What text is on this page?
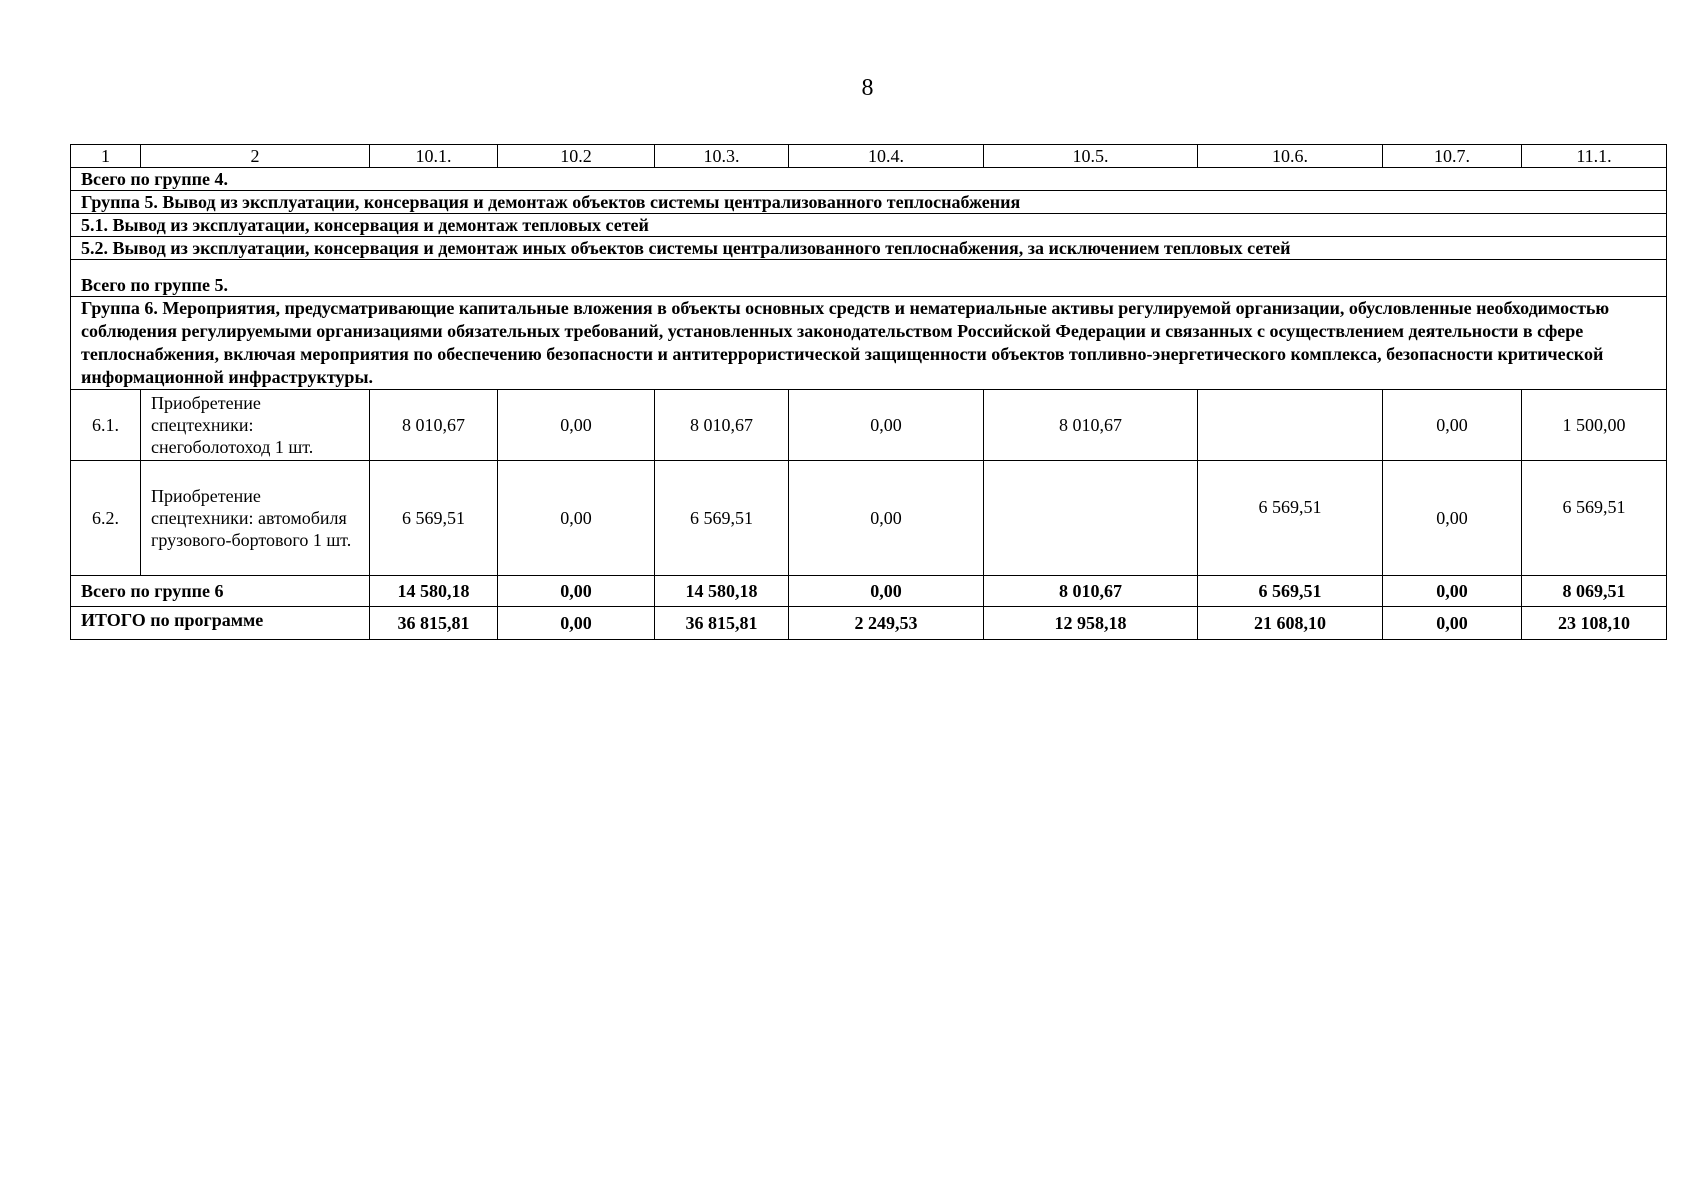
8
1	2	10.1.	10.2	10.3.	10.4.	10.5.	10.6.	10.7.	11.1.
Всего по группе 4.									
Группа 5. Вывод из эксплуатации, консервация и демонтаж объектов системы централизованного теплоснабжения									
5.1. Вывод из эксплуатации, консервация и демонтаж тепловых сетей									
5.2. Вывод из эксплуатации, консервация и демонтаж иных объектов системы централизованного теплоснабжения, за исключением тепловых сетей									
Всего по группе 5.									
Группа 6. Мероприятия, предусматривающие капитальные вложения в объекты основных средств и нематериальные активы регулируемой организации, обусловленные необходимостью соблюдения регулируемыми организациями обязательных требований, установленных законодательством Российской Федерации и связанных с осуществлением деятельности в сфере теплоснабжения, включая мероприятия по обеспечению безопасности и антитеррористической защищенности объектов топливно-энергетического комплекса, безопасности критической информационной инфраструктуры.									
6.1.	Приобретение спецтехники: снегоболотоход 1 шт.	8 010,67	0,00	8 010,67	0,00	8 010,67		0,00	1 500,00
6.2.	Приобретение спецтехники: автомобиля грузового-бортового 1 шт.	6 569,51	0,00	6 569,51	0,00		6 569,51	0,00	6 569,51
Всего по группе 6		14 580,18	0,00	14 580,18	0,00	8 010,67	6 569,51	0,00	8 069,51
ИТОГО по программе		36 815,81	0,00	36 815,81	2 249,53	12 958,18	21 608,10	0,00	23 108,10
